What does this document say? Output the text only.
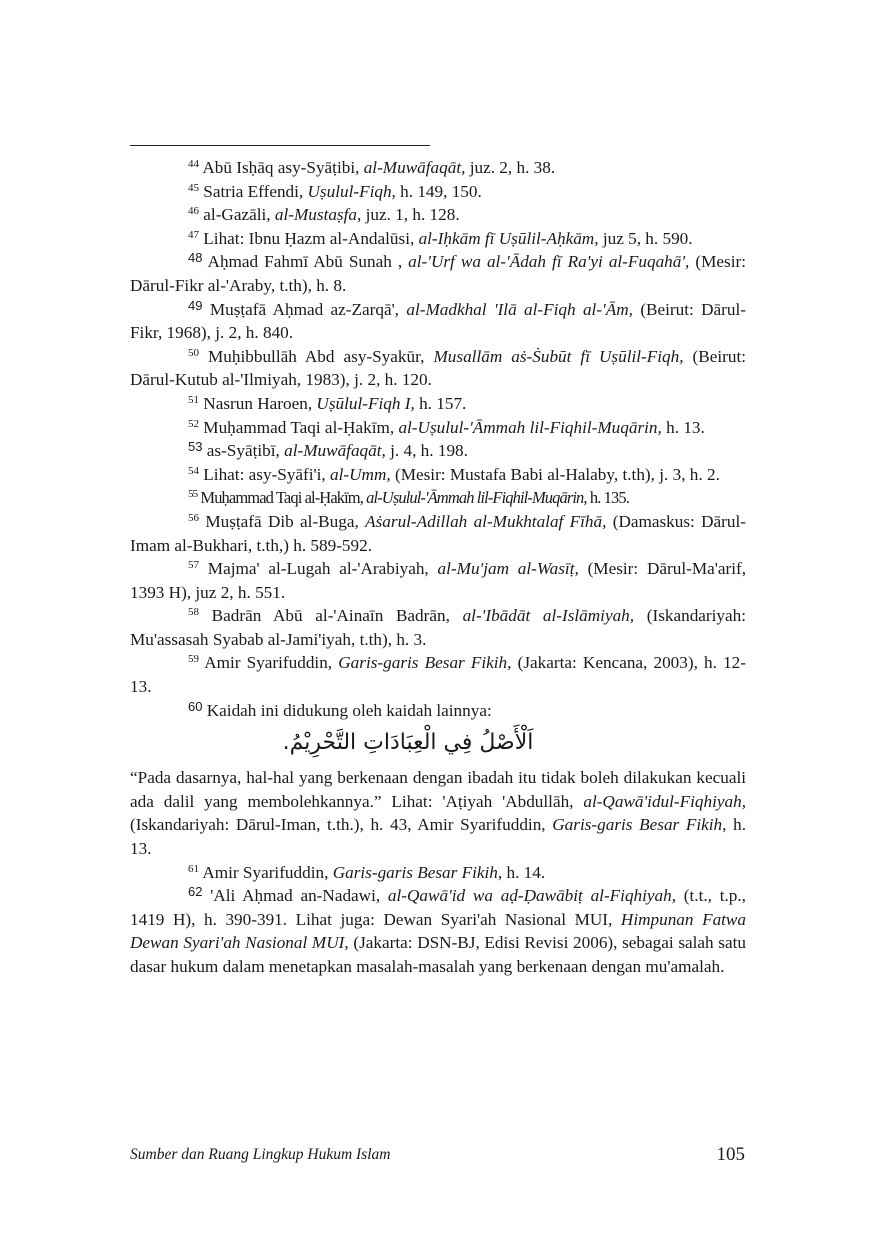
$^{44}$ Abū Isḥāq asy-Syāṭibi, al-Muwāfaqāt, juz. 2, h. 38.

$^{45}$ Satria Effendi, Uṣulul-Fiqh, h. 149, 150.

$^{46}$ al-Gazāli, al-Mustaṣfa, juz. 1, h. 128.

$^{47}$ Lihat: Ibnu Ḥazm al-Andalūsi, al-Iḥkām fī Uṣūlil-Aḥkām, juz 5, h. 590.

$^{48}$ Aḥmad Fahmī Abū Sunah , al-'Urf wa al-'Ādah fī Ra'yi al-Fuqahā', (Mesir: Dārul-Fikr al-'Araby, t.th), h. 8.

$^{49}$ Muṣṭafā Aḥmad az-Zarqā', al-Madkhal 'Ilā al-Fiqh al-'Ām, (Beirut: Dārul-Fikr, 1968), j. 2, h. 840.

$^{50}$ Muḥibbullāh Abd asy-Syakūr, Musallām aṡ-Ṡubūt fī Uṣūlil-Fiqh, (Beirut: Dārul-Kutub al-'Ilmiyah, 1983), j. 2, h. 120.

$^{51}$ Nasrun Haroen, Uṣūlul-Fiqh I, h. 157.

$^{52}$ Muḥammad Taqi al-Ḥakīm, al-Uṣulul-'Āmmah lil-Fiqhil-Muqārin, h. 13.

$^{53}$ as-Syāṭibī, al-Muwāfaqāt, j. 4, h. 198.

$^{54}$ Lihat: asy-Syāfi'i, al-Umm, (Mesir: Mustafa Babi al-Halaby, t.th), j. 3, h. 2.

$^{55}$ Muḥammad Taqi al-Ḥakīm, al-Uṣulul-'Āmmah lil-Fiqhil-Muqārin, h. 135.

$^{56}$ Muṣṭafā Dib al-Buga, Aṡarul-Adillah al-Mukhtalaf Fīhā, (Damaskus: Dārul-Imam al-Bukhari, t.th,) h. 589-592.

$^{57}$ Majma' al-Lugah al-'Arabiyah, al-Mu'jam al-Wasīṭ, (Mesir: Dārul-Ma'arif, 1393 H), juz 2, h. 551.

$^{58}$ Badrān Abū al-'Ainaīn Badrān, al-'Ibādāt al-Islāmiyah, (Iskandariyah: Mu'assasah Syabab al-Jami'iyah, t.th), h. 3.

$^{59}$ Amir Syarifuddin, Garis-garis Besar Fikih, (Jakarta: Kencana, 2003), h. 12-13.

$^{60}$ Kaidah ini didukung oleh kaidah lainnya:

اَلْأَصْلُ فِي الْعِبَادَاتِ التَّحْرِيْمُ.

“Pada dasarnya, hal-hal yang berkenaan dengan ibadah itu tidak boleh dilakukan kecuali ada dalil yang membolehkannya.” Lihat: 'Aṭiyah 'Abdullāh, al-Qawā'idul-Fiqhiyah, (Iskandariyah: Dārul-Iman, t.th.), h. 43, Amir Syarifuddin, Garis-garis Besar Fikih, h. 13.

$^{61}$ Amir Syarifuddin, Garis-garis Besar Fikih, h. 14.

$^{62}$ 'Ali Aḥmad an-Nadawi, al-Qawā'id wa aḍ-Ḍawābiṭ al-Fiqhiyah, (t.t., t.p., 1419 H), h. 390-391. Lihat juga: Dewan Syari'ah Nasional MUI, Himpunan Fatwa Dewan Syari'ah Nasional MUI, (Jakarta: DSN-BJ, Edisi Revisi 2006), sebagai salah satu dasar hukum dalam menetapkan masalah-masalah yang berkenaan dengan mu'amalah.

Sumber dan Ruang Lingkup Hukum Islam	105
